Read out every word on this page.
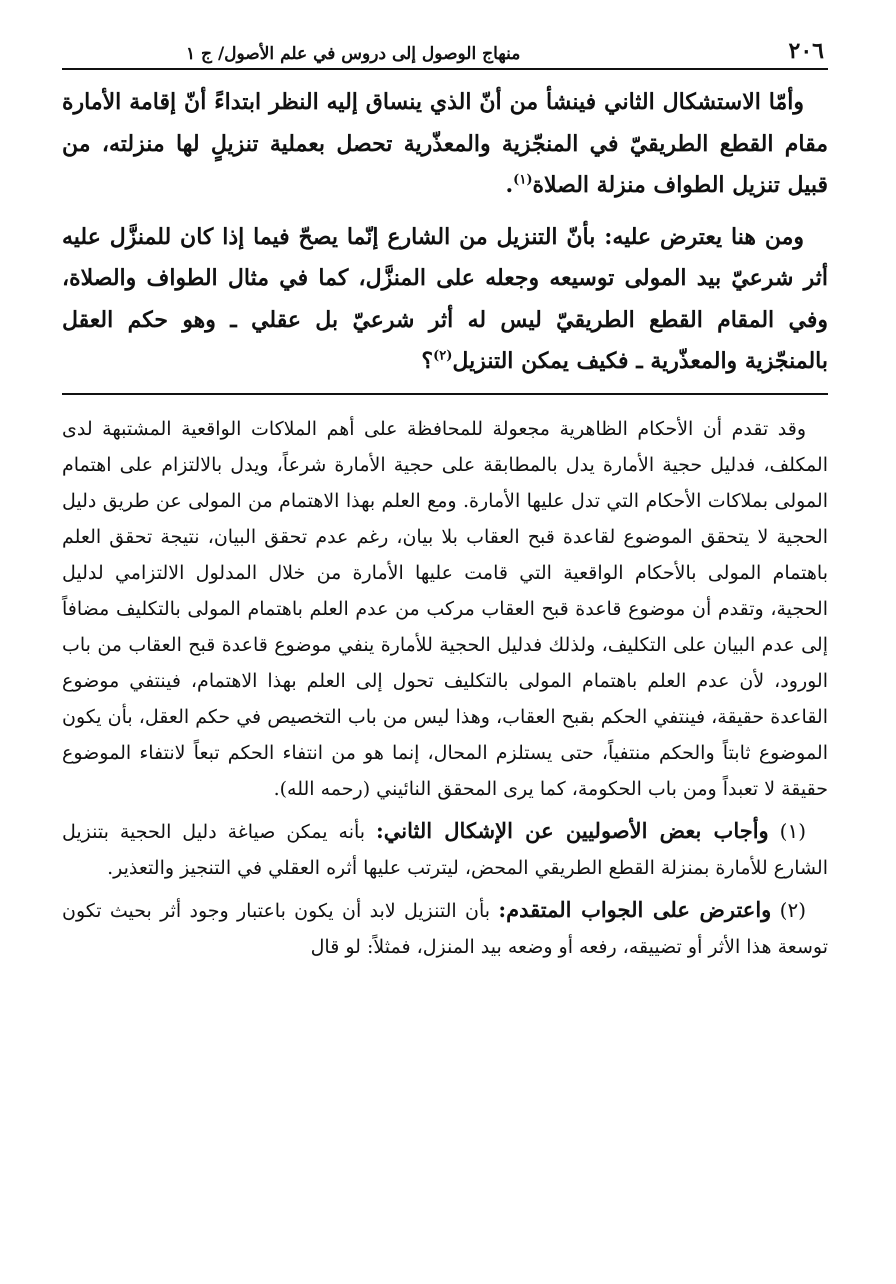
٢٠٦
منهاج الوصول إلى دروس في علم الأصول/ ج ١

وأمّا الاستشكال الثاني فينشأ من أنّ الذي ينساق إليه النظر ابتداءً أنّ إقامة الأمارة مقام القطع الطريقيّ في المنجّزية والمعذّرية تحصل بعملية تنزيلٍ لها منزلته، من قبيل تنزيل الطواف منزلة الصلاة$^{(١)}$.

ومن هنا يعترض عليه: بأنّ التنزيل من الشارع إنّما يصحّ فيما إذا كان للمنزَّل عليه أثر شرعيّ بيد المولى توسيعه وجعله على المنزَّل، كما في مثال الطواف والصلاة، وفي المقام القطع الطريقيّ ليس له أثر شرعيّ بل عقلي ـ وهو حكم العقل بالمنجّزية والمعذّرية ـ فكيف يمكن التنزيل$^{(٢)}$؟

وقد تقدم أن الأحكام الظاهرية مجعولة للمحافظة على أهم الملاكات الواقعية المشتبهة لدى المكلف، فدليل حجية الأمارة يدل بالمطابقة على حجية الأمارة شرعاً، ويدل بالالتزام على اهتمام المولى بملاكات الأحكام التي تدل عليها الأمارة. ومع العلم بهذا الاهتمام من المولى عن طريق دليل الحجية لا يتحقق الموضوع لقاعدة قبح العقاب بلا بيان، رغم عدم تحقق البيان، نتيجة تحقق العلم باهتمام المولى بالأحكام الواقعية التي قامت عليها الأمارة من خلال المدلول الالتزامي لدليل الحجية، وتقدم أن موضوع قاعدة قبح العقاب مركب من عدم العلم باهتمام المولى بالتكليف مضافاً إلى عدم البيان على التكليف، ولذلك فدليل الحجية للأمارة ينفي موضوع قاعدة قبح العقاب من باب الورود، لأن عدم العلم باهتمام المولى بالتكليف تحول إلى العلم بهذا الاهتمام، فينتفي موضوع القاعدة حقيقة، فينتفي الحكم بقبح العقاب، وهذا ليس من باب التخصيص في حكم العقل، بأن يكون الموضوع ثابتاً والحكم منتفياً، حتى يستلزم المحال، إنما هو من انتفاء الحكم تبعاً لانتفاء الموضوع حقيقة لا تعبداً ومن باب الحكومة، كما يرى المحقق النائيني (رحمه الله).

(١) وأجاب بعض الأصوليين عن الإشكال الثاني: بأنه يمكن صياغة دليل الحجية بتنزيل الشارع للأمارة بمنزلة القطع الطريقي المحض، ليترتب عليها أثره العقلي في التنجيز والتعذير.

(٢) واعترض على الجواب المتقدم: بأن التنزيل لابد أن يكون باعتبار وجود أثر بحيث تكون توسعة هذا الأثر أو تضييقه، رفعه أو وضعه بيد المنزل، فمثلاً: لو قال
